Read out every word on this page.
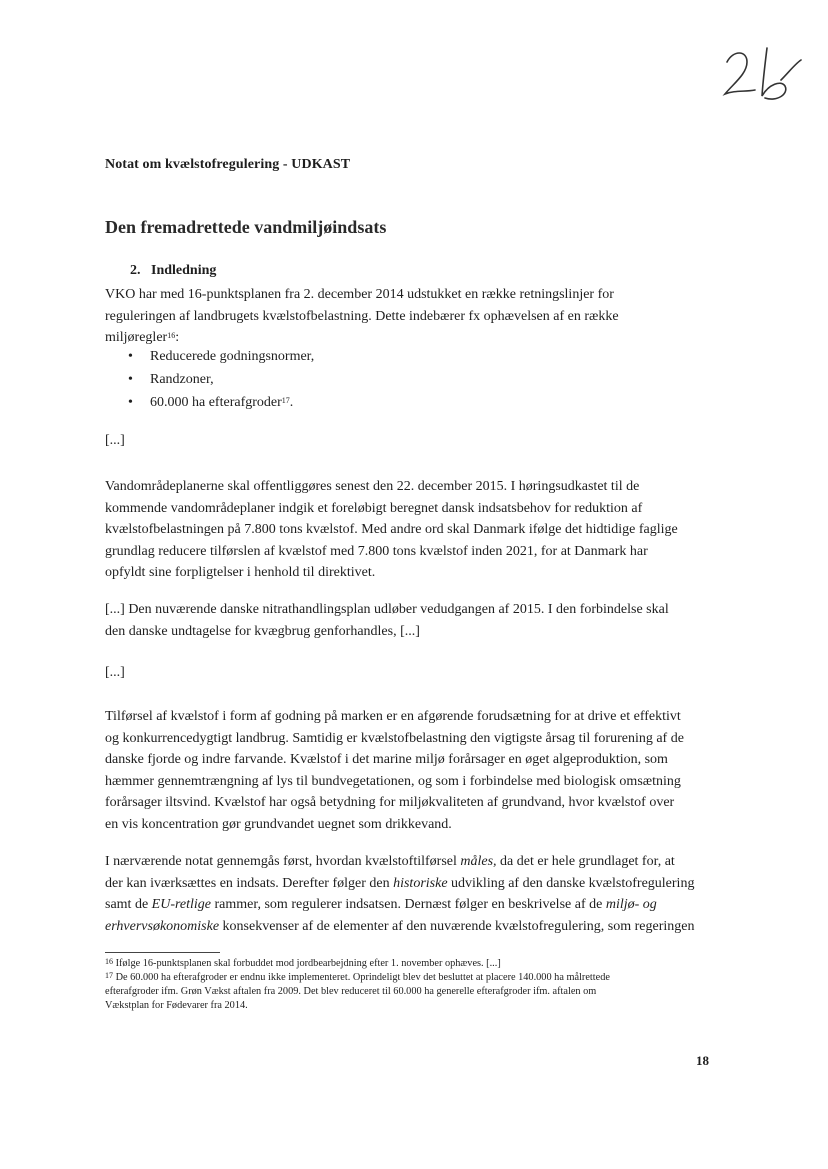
Notat om kvælstofregulering - UDKAST
Den fremadrettede vandmiljøindsats
2.   Indledning
VKO har med 16-punktsplanen fra 2. december 2014 udstukket en række retningslinjer for
reguleringen af landbrugets kvælstofbelastning. Dette indebærer fx ophævelsen af en række
miljøregler$^{16}$:
• Reducerede godningsnormer,
• Randzoner,
• 60.000 ha efterafgroder$^{17}$.
[...]
Vandområdeplanerne skal offentliggøres senest den 22. december 2015. I høringsudkastet til de
kommende vandområdeplaner indgik et foreløbigt beregnet dansk indsatsbehov for reduktion af
kvælstofbelastningen på 7.800 tons kvælstof. Med andre ord skal Danmark ifølge det hidtidige faglige
grundlag reducere tilførslen af kvælstof med 7.800 tons kvælstof inden 2021, for at Danmark har
opfyldt sine forpligtelser i henhold til direktivet.
[...] Den nuværende danske nitrathandlingsplan udløber vedudgangen af 2015. I den forbindelse skal
den danske undtagelse for kvægbrug genforhandles, [...]
[...]
Tilførsel af kvælstof i form af godning på marken er en afgørende forudsætning for at drive et effektivt
og konkurrencedygtigt landbrug. Samtidig er kvælstofbelastning den vigtigste årsag til forurening af de
danske fjorde og indre farvande. Kvælstof i det marine miljø forårsager en øget algeproduktion, som
hæmmer gennemtrængning af lys til bundvegetationen, og som i forbindelse med biologisk omsætning
forårsager iltsvind. Kvælstof har også betydning for miljøkvaliteten af grundvand, hvor kvælstof over
en vis koncentration gør grundvandet uegnet som drikkevand.
I nærværende notat gennemgås først, hvordan kvælstoftilførsel måles, da det er hele grundlaget for, at
der kan iværksættes en indsats. Derefter følger den historiske udvikling af den danske kvælstofregulering
samt de EU-retlige rammer, som regulerer indsatsen. Dernæst følger en beskrivelse af de miljø- og
erhvervsøkonomiske konsekvenser af de elementer af den nuværende kvælstofregulering, som regeringen
$^{16}$ Ifølge 16-punktsplanen skal forbuddet mod jordbearbejdning efter 1. november ophæves. [...]
$^{17}$ De 60.000 ha efterafgroder er endnu ikke implementeret. Oprindeligt blev det besluttet at placere 140.000 ha målrettede
efterafgroder ifm. Grøn Vækst aftalen fra 2009. Det blev reduceret til 60.000 ha generelle efterafgroder ifm. aftalen om
Vækstplan for Fødevarer fra 2014.
18
